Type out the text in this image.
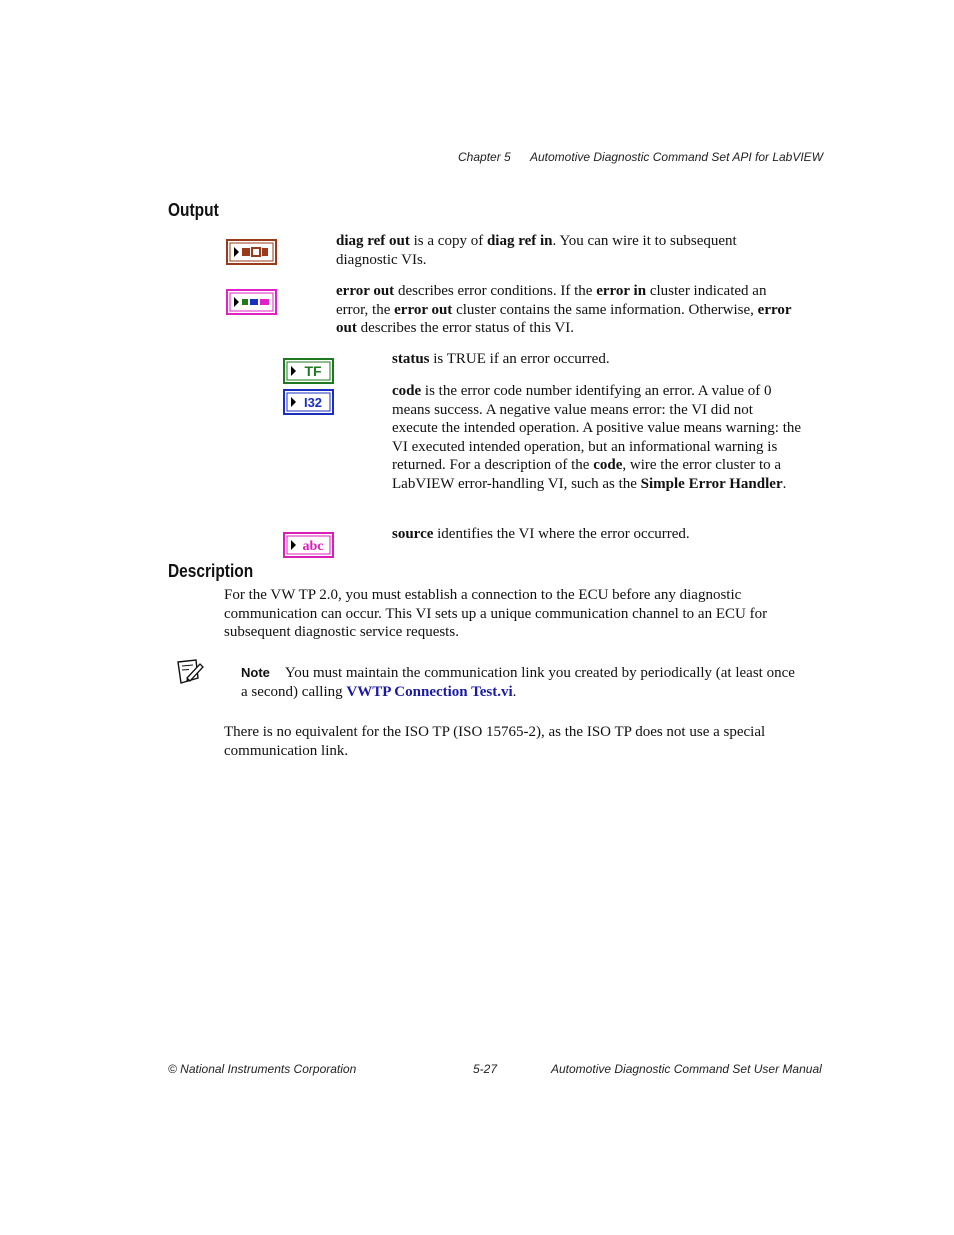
Chapter 5 Automotive Diagnostic Command Set API for LabVIEW
Output
diag ref out is a copy of diag ref in. You can wire it to subsequent diagnostic VIs.
error out describes error conditions. If the error in cluster indicated an error, the error out cluster contains the same information. Otherwise, error out describes the error status of this VI.
TF
status is TRUE if an error occurred.
I32
code is the error code number identifying an error. A value of 0 means success. A negative value means error: the VI did not execute the intended operation. A positive value means warning: the VI executed intended operation, but an informational warning is returned. For a description of the code, wire the error cluster to a LabVIEW error-handling VI, such as the Simple Error Handler.
abc
source identifies the VI where the error occurred.
Description
For the VW TP 2.0, you must establish a connection to the ECU before any diagnostic communication can occur. This VI sets up a unique communication channel to an ECU for subsequent diagnostic service requests.
Note You must maintain the communication link you created by periodically (at least once a second) calling VWTP Connection Test.vi.
There is no equivalent for the ISO TP (ISO 15765-2), as the ISO TP does not use a special communication link.
© National Instruments Corporation	5-27	Automotive Diagnostic Command Set User Manual
